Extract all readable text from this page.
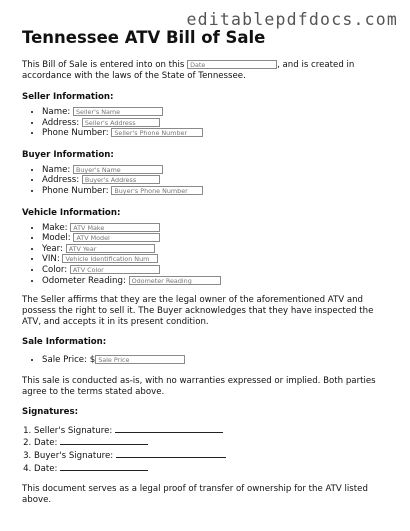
editablepdfdocs.com
Tennessee ATV Bill of Sale

This Bill of Sale is entered into on this Date	, and is created in accordance with the laws of the State of Tennessee.

Seller Information:
• Name: Seller's Name
• Address: Seller's Address
• Phone Number: Seller's Phone Number
Buyer Information:
• Name: Buyer's Name
• Address: Buyer's Address
• Phone Number: Buyer's Phone Number
Vehicle Information:
• Make: ATV Make
• Model: ATV Model
• Year: ATV Year
• VIN: Vehicle Identification Num
• Color: ATV Color
• Odometer Reading: Odometer Reading

The Seller affirms that they are the legal owner of the aforementioned ATV and possess the right to sell it. The Buyer acknowledges that they have inspected the ATV, and accepts it in its present condition.

Sale Information:
• Sale Price: $ Sale Price

This sale is conducted as-is, with no warranties expressed or implied. Both parties agree to the terms stated above.

Signatures:
1. Seller's Signature:
2. Date:
3. Buyer's Signature:
4. Date:

This document serves as a legal proof of transfer of ownership for the ATV listed above.
